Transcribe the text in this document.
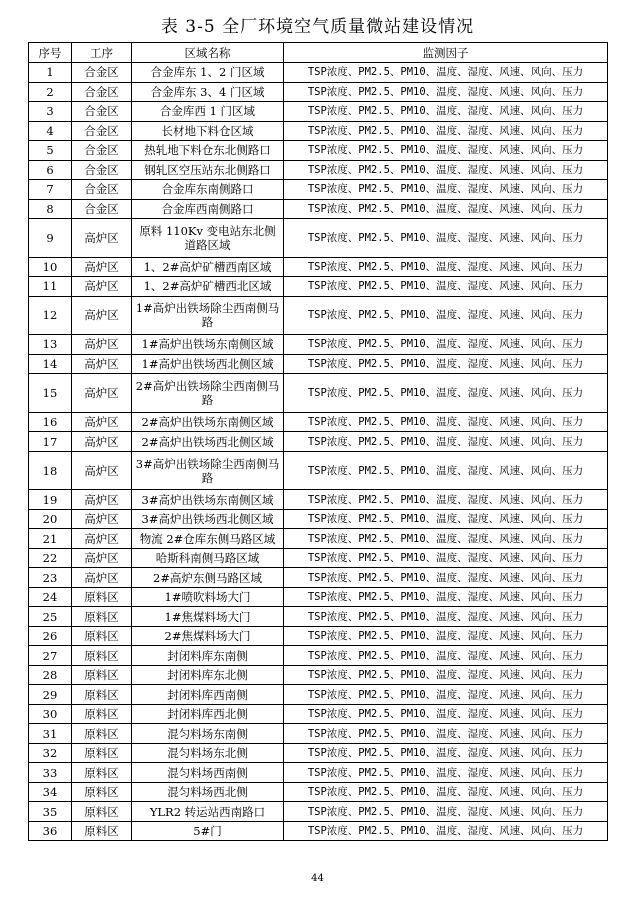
表 3-5 全厂环境空气质量微站建设情况
序号	工序	区域名称	监测因子
1	合金区	合金库东 1、2 门区域	TSP浓度、PM2.5、PM10、温度、湿度、风速、风向、压力
2	合金区	合金库东 3、4 门区域	TSP浓度、PM2.5、PM10、温度、湿度、风速、风向、压力
3	合金区	合金库西 1 门区域	TSP浓度、PM2.5、PM10、温度、湿度、风速、风向、压力
4	合金区	长材地下料仓区域	TSP浓度、PM2.5、PM10、温度、湿度、风速、风向、压力
5	合金区	热轧地下料仓东北侧路口	TSP浓度、PM2.5、PM10、温度、湿度、风速、风向、压力
6	合金区	钢轧区空压站东北侧路口	TSP浓度、PM2.5、PM10、温度、湿度、风速、风向、压力
7	合金区	合金库东南侧路口	TSP浓度、PM2.5、PM10、温度、湿度、风速、风向、压力
8	合金区	合金库西南侧路口	TSP浓度、PM2.5、PM10、温度、湿度、风速、风向、压力
9	高炉区	原料 110Kv 变电站东北侧道路区域	TSP浓度、PM2.5、PM10、温度、湿度、风速、风向、压力
10	高炉区	1、2#高炉矿槽西南区域	TSP浓度、PM2.5、PM10、温度、湿度、风速、风向、压力
11	高炉区	1、2#高炉矿槽西北区域	TSP浓度、PM2.5、PM10、温度、湿度、风速、风向、压力
12	高炉区	1#高炉出铁场除尘西南侧马路	TSP浓度、PM2.5、PM10、温度、湿度、风速、风向、压力
13	高炉区	1#高炉出铁场东南侧区域	TSP浓度、PM2.5、PM10、温度、湿度、风速、风向、压力
14	高炉区	1#高炉出铁场西北侧区域	TSP浓度、PM2.5、PM10、温度、湿度、风速、风向、压力
15	高炉区	2#高炉出铁场除尘西南侧马路	TSP浓度、PM2.5、PM10、温度、湿度、风速、风向、压力
16	高炉区	2#高炉出铁场东南侧区域	TSP浓度、PM2.5、PM10、温度、湿度、风速、风向、压力
17	高炉区	2#高炉出铁场西北侧区域	TSP浓度、PM2.5、PM10、温度、湿度、风速、风向、压力
18	高炉区	3#高炉出铁场除尘西南侧马路	TSP浓度、PM2.5、PM10、温度、湿度、风速、风向、压力
19	高炉区	3#高炉出铁场东南侧区域	TSP浓度、PM2.5、PM10、温度、湿度、风速、风向、压力
20	高炉区	3#高炉出铁场西北侧区域	TSP浓度、PM2.5、PM10、温度、湿度、风速、风向、压力
21	高炉区	物流 2#仓库东侧马路区域	TSP浓度、PM2.5、PM10、温度、湿度、风速、风向、压力
22	高炉区	哈斯科南侧马路区域	TSP浓度、PM2.5、PM10、温度、湿度、风速、风向、压力
23	高炉区	2#高炉东侧马路区域	TSP浓度、PM2.5、PM10、温度、湿度、风速、风向、压力
24	原料区	1#喷吹料场大门	TSP浓度、PM2.5、PM10、温度、湿度、风速、风向、压力
25	原料区	1#焦煤料场大门	TSP浓度、PM2.5、PM10、温度、湿度、风速、风向、压力
26	原料区	2#焦煤料场大门	TSP浓度、PM2.5、PM10、温度、湿度、风速、风向、压力
27	原料区	封闭料库东南侧	TSP浓度、PM2.5、PM10、温度、湿度、风速、风向、压力
28	原料区	封闭料库东北侧	TSP浓度、PM2.5、PM10、温度、湿度、风速、风向、压力
29	原料区	封闭料库西南侧	TSP浓度、PM2.5、PM10、温度、湿度、风速、风向、压力
30	原料区	封闭料库西北侧	TSP浓度、PM2.5、PM10、温度、湿度、风速、风向、压力
31	原料区	混匀料场东南侧	TSP浓度、PM2.5、PM10、温度、湿度、风速、风向、压力
32	原料区	混匀料场东北侧	TSP浓度、PM2.5、PM10、温度、湿度、风速、风向、压力
33	原料区	混匀料场西南侧	TSP浓度、PM2.5、PM10、温度、湿度、风速、风向、压力
34	原料区	混匀料场西北侧	TSP浓度、PM2.5、PM10、温度、湿度、风速、风向、压力
35	原料区	YLR2 转运站西南路口	TSP浓度、PM2.5、PM10、温度、湿度、风速、风向、压力
36	原料区	5#门	TSP浓度、PM2.5、PM10、温度、湿度、风速、风向、压力
44
